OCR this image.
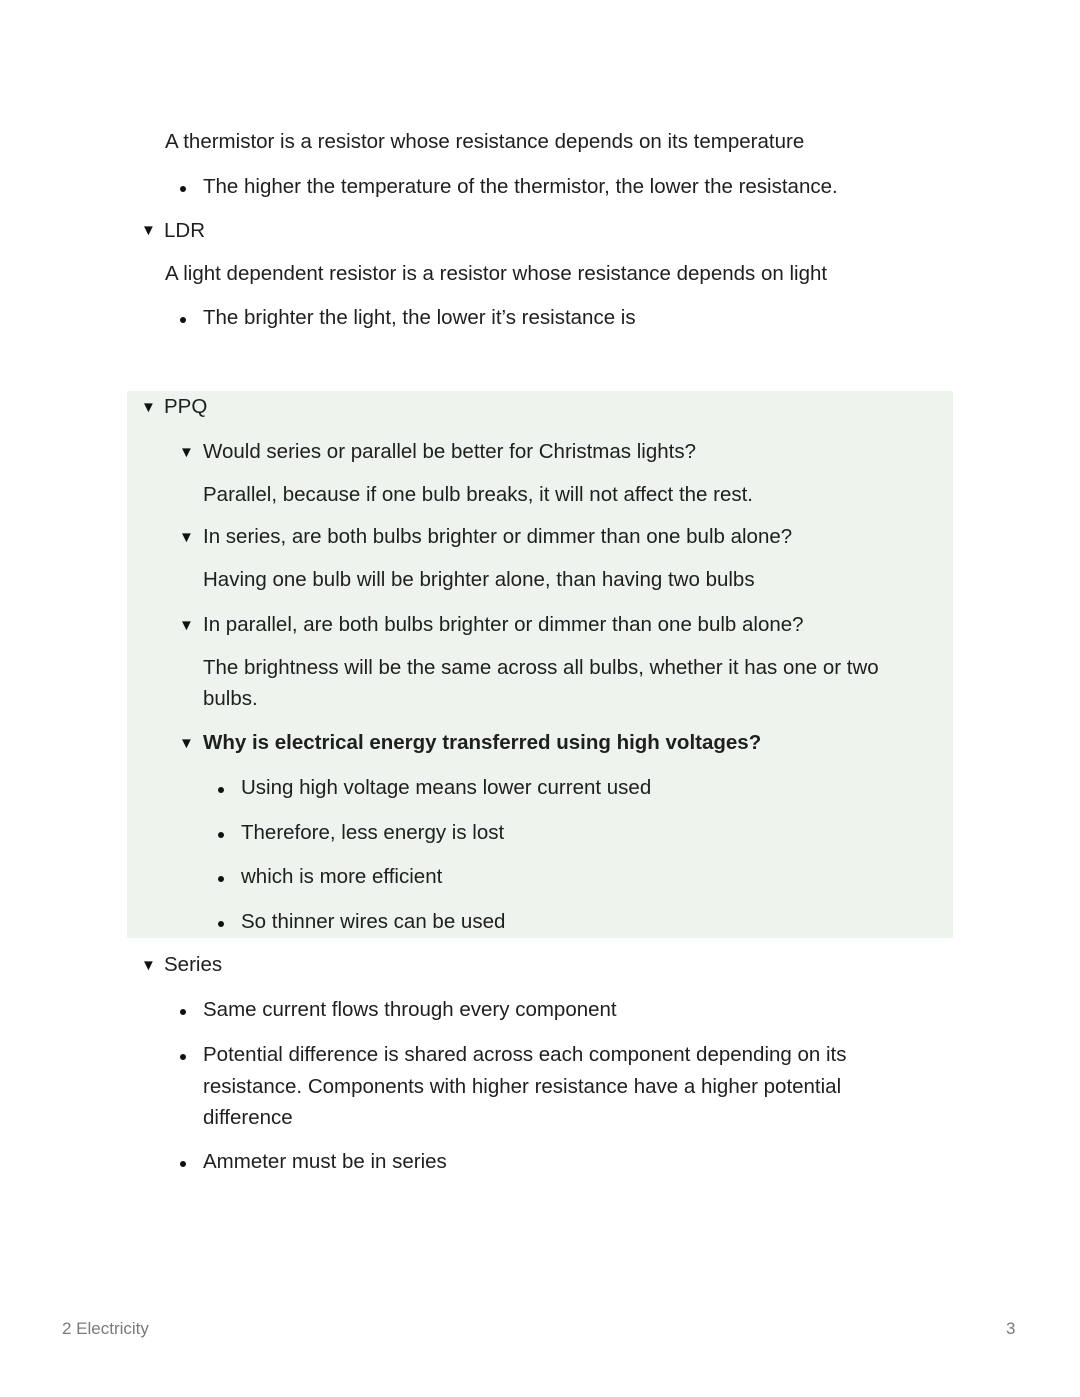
A thermistor is a resistor whose resistance depends on its temperature
The higher the temperature of the thermistor, the lower the resistance.
▼ LDR
A light dependent resistor is a resistor whose resistance depends on light
The brighter the light, the lower it’s resistance is
▼ PPQ
▼ Would series or parallel be better for Christmas lights?
Parallel, because if one bulb breaks, it will not affect the rest.
▼ In series, are both bulbs brighter or dimmer than one bulb alone?
Having one bulb will be brighter alone, than having two bulbs
▼ In parallel, are both bulbs brighter or dimmer than one bulb alone?
The brightness will be the same across all bulbs, whether it has one or two
bulbs.
▼ Why is electrical energy transferred using high voltages?
Using high voltage means lower current used
Therefore, less energy is lost
which is more efficient
So thinner wires can be used
▼ Series
Same current flows through every component
Potential difference is shared across each component depending on its
resistance. Components with higher resistance have a higher potential
difference
Ammeter must be in series
2 Electricity	3
